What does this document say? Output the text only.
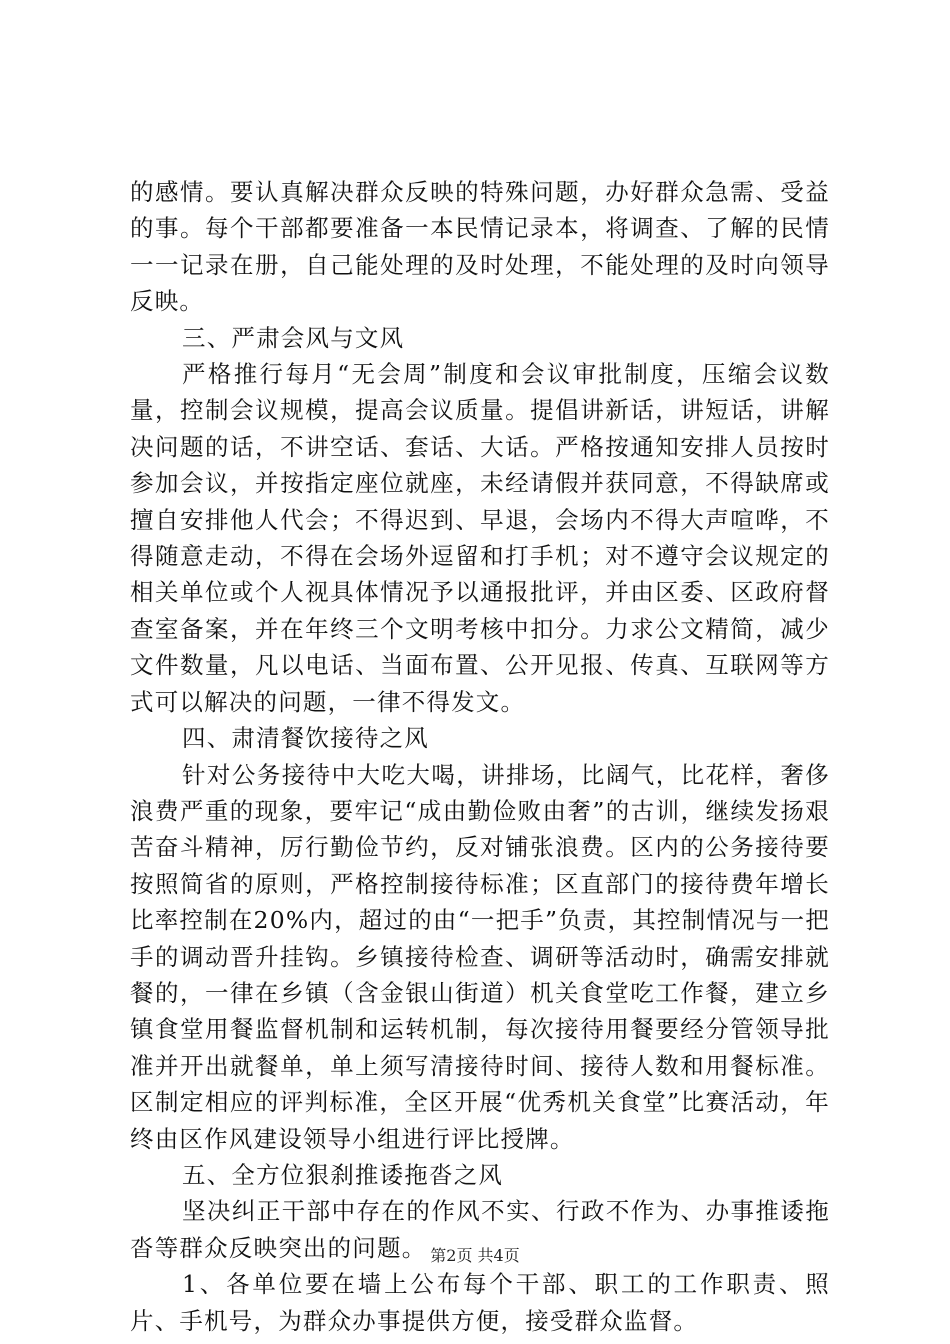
的感情。要认真解决群众反映的特殊问题，办好群众急需、受益的事。每个干部都要准备一本民情记录本，将调查、了解的民情一一记录在册，自己能处理的及时处理，不能处理的及时向领导反映。

三、严肃会风与文风

严格推行每月“无会周”制度和会议审批制度，压缩会议数量，控制会议规模，提高会议质量。提倡讲新话，讲短话，讲解决问题的话，不讲空话、套话、大话。严格按通知安排人员按时参加会议，并按指定座位就座，未经请假并获同意，不得缺席或擅自安排他人代会；不得迟到、早退，会场内不得大声喧哗，不得随意走动，不得在会场外逗留和打手机；对不遵守会议规定的相关单位或个人视具体情况予以通报批评，并由区委、区政府督查室备案，并在年终三个文明考核中扣分。力求公文精简，减少文件数量，凡以电话、当面布置、公开见报、传真、互联网等方式可以解决的问题，一律不得发文。

四、肃清餐饮接待之风

针对公务接待中大吃大喝，讲排场，比阔气，比花样，奢侈浪费严重的现象，要牢记“成由勤俭败由奢”的古训，继续发扬艰苦奋斗精神，厉行勤俭节约，反对铺张浪费。区内的公务接待要按照简省的原则，严格控制接待标准；区直部门的接待费年增长比率控制在20%内，超过的由“一把手”负责，其控制情况与一把手的调动晋升挂钩。乡镇接待检查、调研等活动时，确需安排就餐的，一律在乡镇（含金银山街道）机关食堂吃工作餐，建立乡镇食堂用餐监督机制和运转机制，每次接待用餐要经分管领导批准并开出就餐单，单上须写清接待时间、接待人数和用餐标准。区制定相应的评判标准，全区开展“优秀机关食堂”比赛活动，年终由区作风建设领导小组进行评比授牌。

五、全方位狠刹推诿拖沓之风

坚决纠正干部中存在的作风不实、行政不作为、办事推诿拖沓等群众反映突出的问题。

1、各单位要在墙上公布每个干部、职工的工作职责、照片、手机号，为群众办事提供方便，接受群众监督。

第2页 共4页
